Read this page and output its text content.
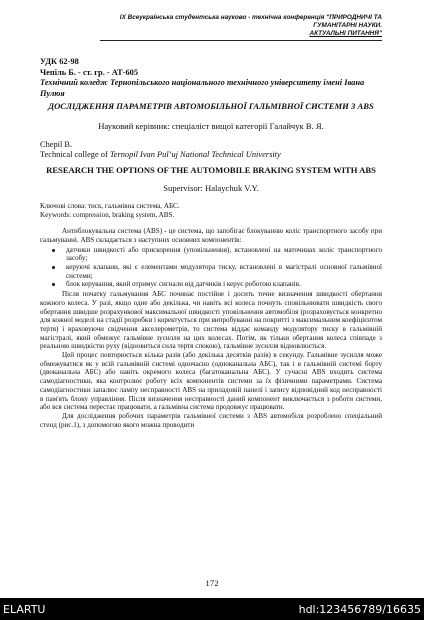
IX Всеукраїнська студентська науково - технічна конференція "ПРИРОДНИЧІ ТА ГУМАНІТАРНІ НАУКИ.
АКТУАЛЬНІ ПИТАННЯ"
УДК 62-98
Чепіль Б. - ст. гр. - АТ-605
Технічний коледж Тернопільського національного технічного університету імені Івана Пулюя
ДОСЛІДЖЕННЯ ПАРАМЕТРІВ АВТОМОБІЛЬНОЇ ГАЛЬМІВНОЇ СИСТЕМИ З ABS
Науковий керівник: спеціаліст вищої категорії Галайчук В. Я.
Chepil B.
Technical college of Ternopil Ivan Pul’uj National Technical University
RESEARCH THE OPTIONS OF THE AUTOMOBILE BRAKING SYSTEM WITH ABS
Supervisor: Halaychuk V.Y.
Ключові слова: тиск, гальмівна система, АБС.
Keywords: compression, braking system, ABS.

Антиблокувальна система (ABS) - це система, що запобігає блокуванню коліс транспортного засобу при гальмуванні. ABS складається з наступних основних компонентів:

датчики швидкості або прискорення (уповільнення), встановлені на маточинах коліс транспортного засобу;
керуючі клапани, які є елементами модулятора тиску, встановлені в магістралі основної гальмівної системи;
блок керування, який отримує сигнали від датчиків і керує роботою клапанів.

Після початку гальмування АБС починає постійне і досить точне визначення швидкості обертання кожного колеса. У разі, якщо одне або декілька, чи навіть всі колеса почнуть сповільнювати швидкість свого обертання швидше розрахункової максимальної швидкості уповільнення автомобіля (розраховується конкретно для кожної моделі на стадії розробки і коректується при випробуванні на покритті з максимальним коефіцієнтом тертя) і враховуючи свідчення акселерометрів, то система віддає команду модулятору тиску в гальмівній магістралі, який обмежує гальмівне зусилля на цих колесах. Потім, як тільки обертання колеса співпаде з реальною швидкістю руху (відновиться сила тертя спокою), гальмівне зусилля відновлюється.

Цей процес повторюється кілька разів (або декілька десятків разів) в секунду. Гальмівне зусилля може обмежуватися як у всій гальмівній системі одночасно (одноканальна АБС), так і в гальмівній системі борту (двоканальна АБС) або навіть окремого колеса (багатоканальна АБС). У сучасні ABS входить система самодіагностики, яка контролює роботу всіх компонентів системи за їх фізичними параметрами. Система самодіагностики запалює лампу несправності ABS на приладовій панелі і запису відповідний код несправності в пам'ять блоку управління. Після визначення несправності даний компонент виключається з роботи системи, або вся система перестає працювати, а гальмівна система продовжує працювати.

Для дослідження робочих параметрів гальмівної системи з ABS автомобіля розроблено спеціальний стенд (рис.1), з допомогою якого можна проводити

172
ELARTU	hdl:123456789/16635
